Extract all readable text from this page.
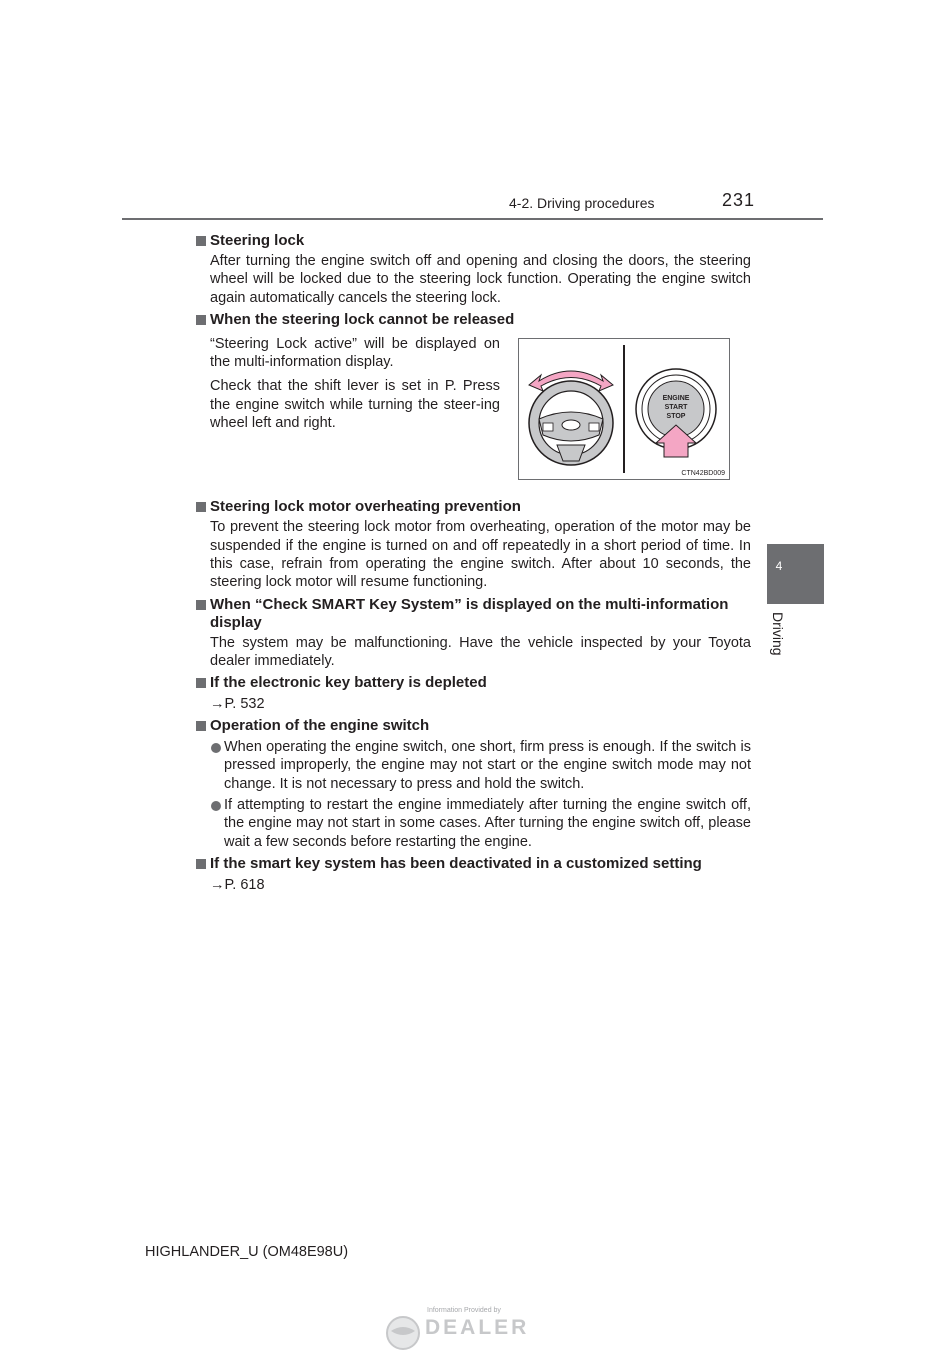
4-2. Driving procedures	231
4
Driving
Steering lock
After turning the engine switch off and opening and closing the doors, the steering wheel will be locked due to the steering lock function. Operating the engine switch again automatically cancels the steering lock.
When the steering lock cannot be released
“Steering Lock active” will be displayed on the multi-information display.
Check that the shift lever is set in P. Press the engine switch while turning the steer-ing wheel left and right.
Steering lock motor overheating prevention
To prevent the steering lock motor from overheating, operation of the motor may be suspended if the engine is turned on and off repeatedly in a short period of time. In this case, refrain from operating the engine switch. After about 10 seconds, the steering lock motor will resume functioning.
When “Check SMART Key System” is displayed on the multi-information display
The system may be malfunctioning. Have the vehicle inspected by your Toyota dealer immediately.
If the electronic key battery is depleted
→P. 532
Operation of the engine switch
When operating the engine switch, one short, firm press is enough. If the switch is pressed improperly, the engine may not start or the engine switch mode may not change. It is not necessary to press and hold the switch.
If attempting to restart the engine immediately after turning the engine switch off, the engine may not start in some cases. After turning the engine switch off, please wait a few seconds before restarting the engine.
If the smart key system has been deactivated in a customized setting
→P. 618
ENGINE
START
STOP
CTN42BD009
HIGHLANDER_U (OM48E98U)
Information Provided by
DEALER
